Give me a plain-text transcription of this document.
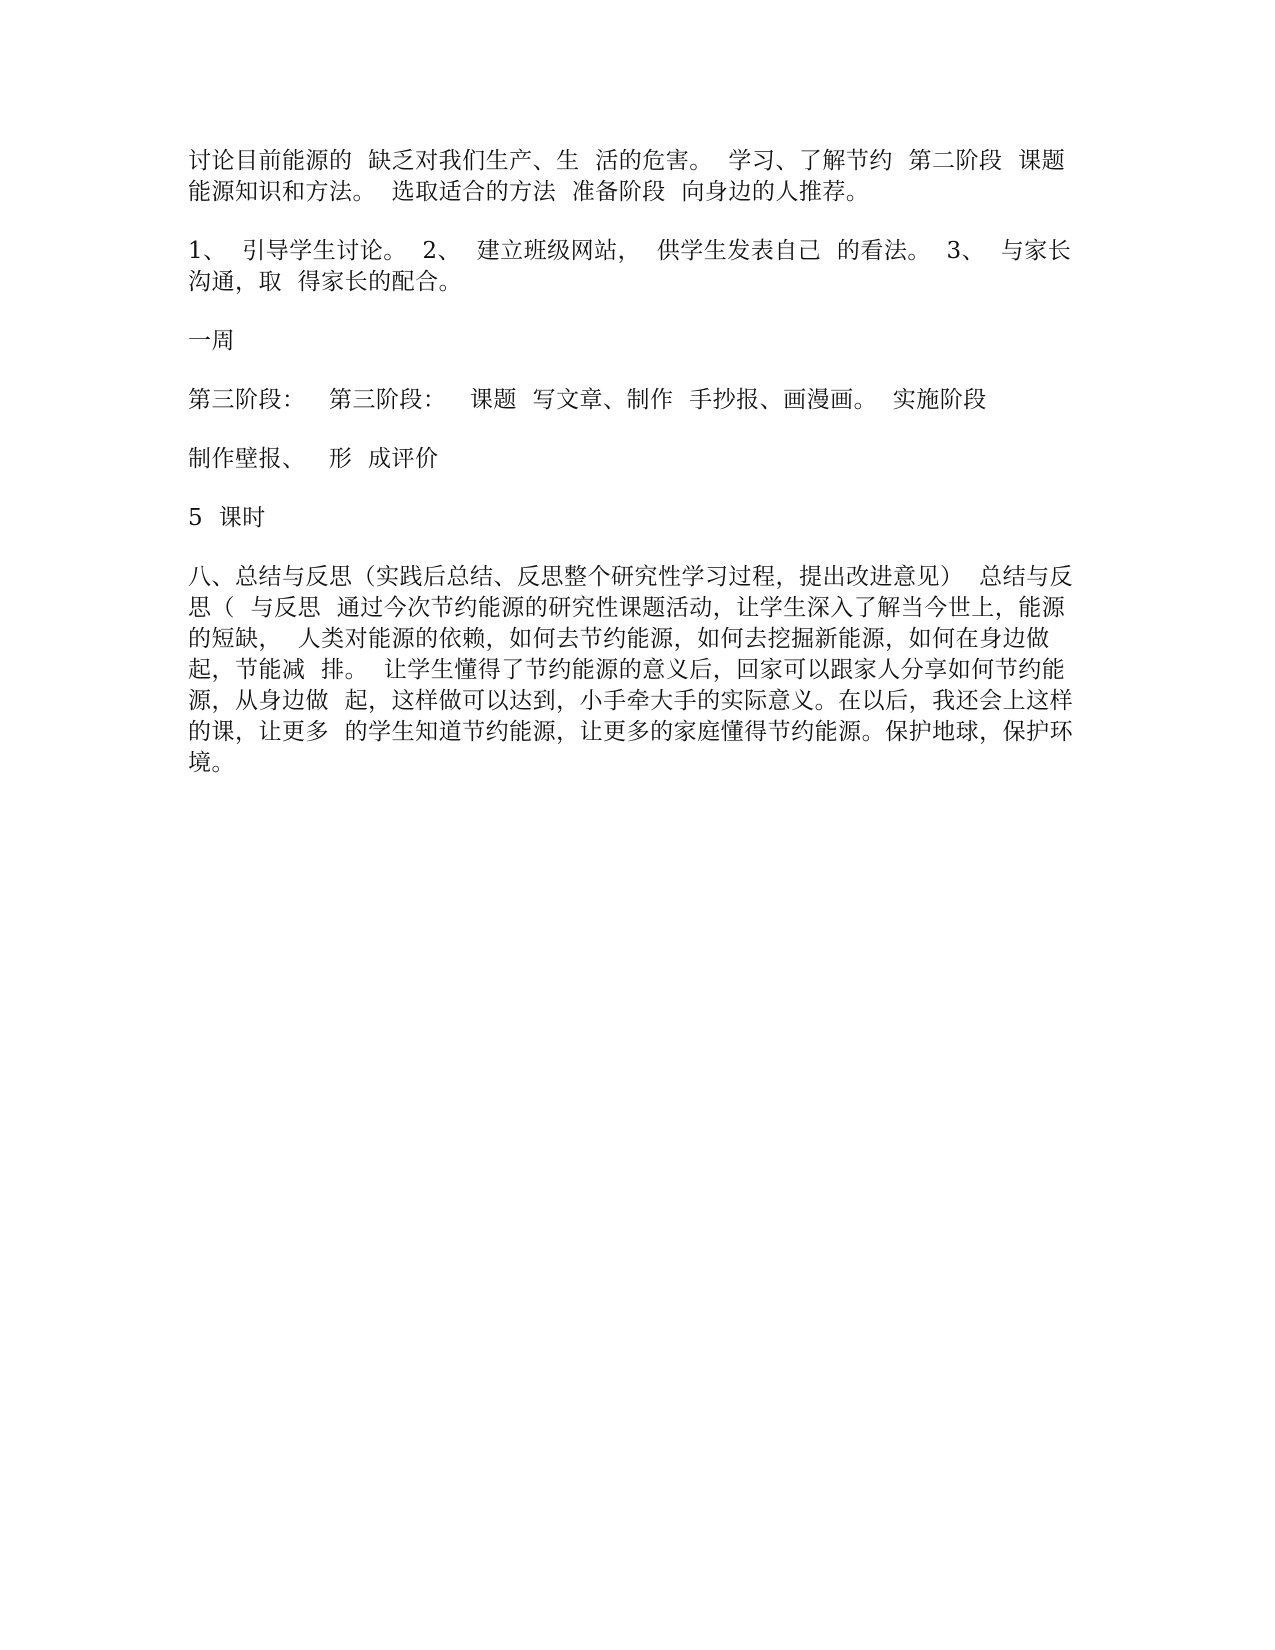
讨论目前能源的  缺乏对我们生产、生  活的危害。  学习、了解节约  第二阶段  课题 能源知识和方法。  选取适合的方法  准备阶段  向身边的人推荐。

1、  引导学生讨论。  2、  建立班级网站，  供学生发表自己  的看法。  3、  与家长 沟通，取  得家长的配合。

一周

第三阶段：   第三阶段：   课题  写文章、制作  手抄报、画漫画。  实施阶段

制作壁报、   形  成评价

5  课时

八、总结与反思（实践后总结、反思整个研究性学习过程，提出改进意见）  总结与反思（  与反思  通过今次节约能源的研究性课题活动，让学生深入了解当今世上，能源的短缺，  人类对能源的依赖，如何去节约能源，如何去挖掘新能源，如何在身边做起，节能减  排。  让学生懂得了节约能源的意义后，回家可以跟家人分享如何节约能源，从身边做  起，这样做可以达到，小手牵大手的实际意义。在以后，我还会上这样的课，让更多  的学生知道节约能源，让更多的家庭懂得节约能源。保护地球，保护环境。
